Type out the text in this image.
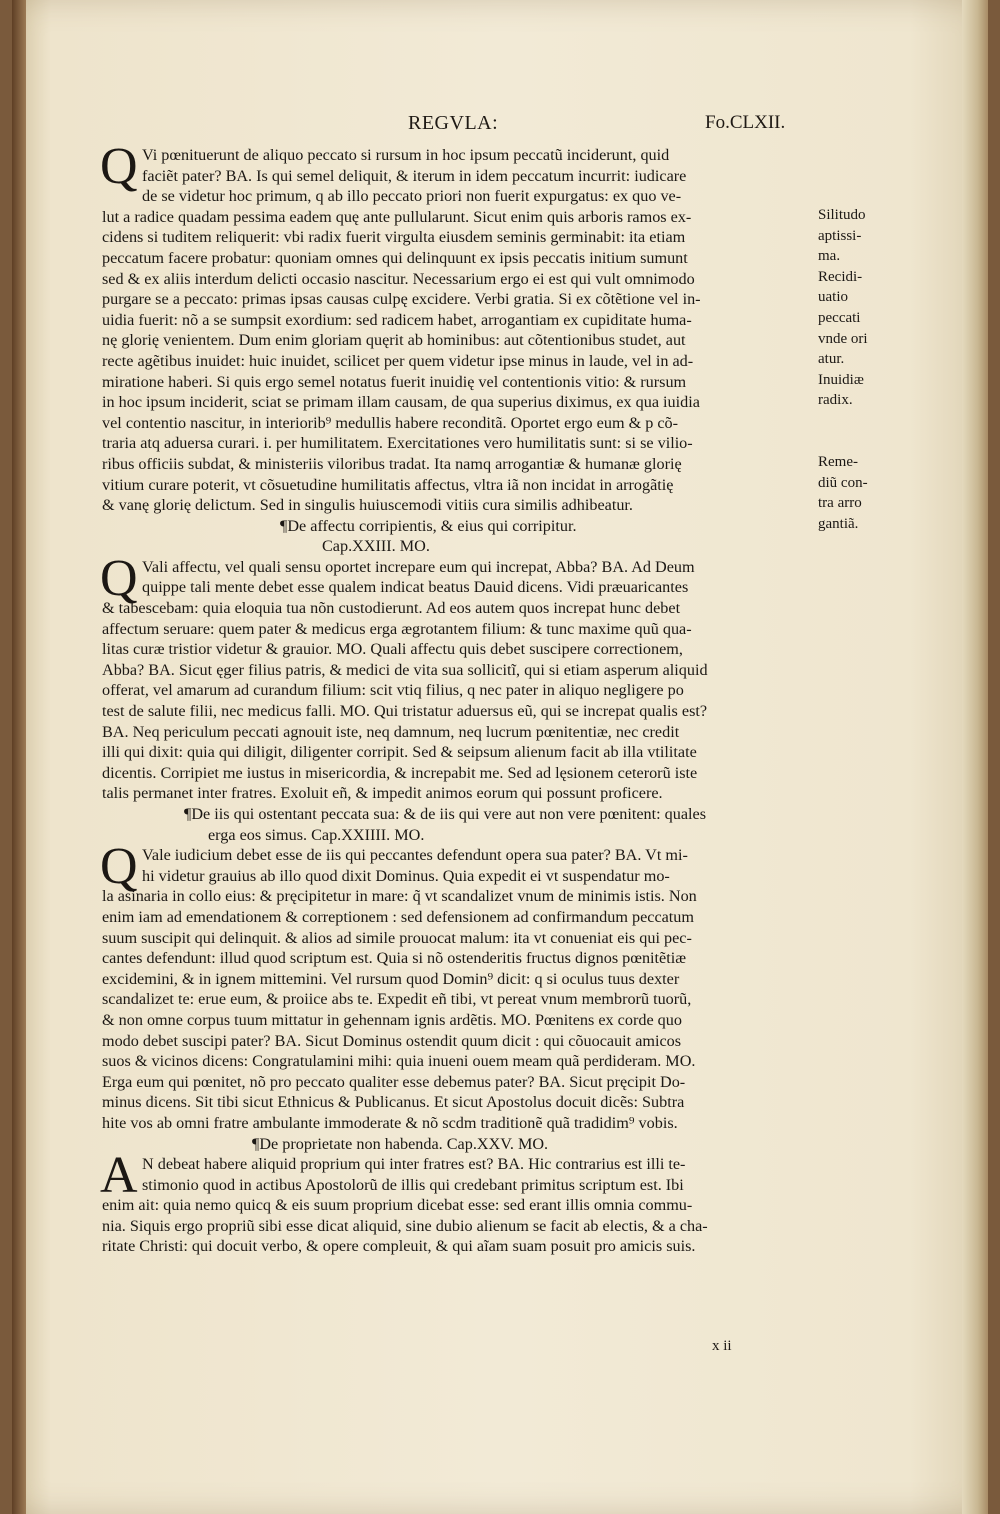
REGVLA:	Fo.CLXII.
Q Vi pœnituerunt de aliquo peccato si rursum in hoc ipsum peccatũ inciderunt, quid
faciẽt pater? BA. Is qui semel deliquit, & iterum in idem peccatum incurrit: iudicare
de se videtur hoc primum, q ab illo peccato priori non fuerit expurgatus: ex quo ve-
lut a radice quadam pessima eadem quę ante pullularunt. Sicut enim quis arboris ramos ex-
cidens si tuditem reliquerit: vbi radix fuerit virgulta eiusdem seminis germinabit: ita etiam
peccatum facere probatur: quoniam omnes qui delinquunt ex ipsis peccatis initium sumunt
sed & ex aliis interdum delicti occasio nascitur. Necessarium ergo ei est qui vult omnimodo
purgare se a peccato: primas ipsas causas culpę excidere. Verbi gratia. Si ex cõtẽtione vel in-
uidia fuerit: nõ a se sumpsit exordium: sed radicem habet, arrogantiam ex cupiditate huma-
nę glorię venientem. Dum enim gloriam quęrit ab hominibus: aut cõtentionibus studet, aut
recte agẽtibus inuidet: huic inuidet, scilicet per quem videtur ipse minus in laude, vel in ad-
miratione haberi. Si quis ergo semel notatus fuerit inuidię vel contentionis vitio: & rursum
in hoc ipsum inciderit, sciat se primam illam causam, de qua superius diximus, ex qua iuidia
vel contentio nascitur, in interiorib⁹ medullis habere reconditã. Oportet ergo eum & p cõ-
traria atq aduersa curari. i. per humilitatem. Exercitationes vero humilitatis sunt: si se vilio-
ribus officiis subdat, & ministeriis viloribus tradat. Ita namq arrogantiæ & humanæ glorię
vitium curare poterit, vt cõsuetudine humilitatis affectus, vltra iã non incidat in arrogãtię
& vanę glorię delictum. Sed in singulis huiuscemodi vitiis cura similis adhibeatur.
¶De affectu corripientis, & eius qui corripitur.
Cap.XXIII. MO.
Q Vali affectu, vel quali sensu oportet increpare eum qui increpat, Abba? BA. Ad Deum
quippe tali mente debet esse qualem indicat beatus Dauid dicens. Vidi præuaricantes
& tabescebam: quia eloquia tua nõn custodierunt. Ad eos autem quos increpat hunc debet
affectum seruare: quem pater & medicus erga ægrotantem filium: & tunc maxime quũ qua-
litas curæ tristior videtur & grauior. MO. Quali affectu quis debet suscipere correctionem,
Abba? BA. Sicut ęger filius patris, & medici de vita sua sollicitĩ, qui si etiam asperum aliquid
offerat, vel amarum ad curandum filium: scit vtiq filius, q nec pater in aliquo negligere po
test de salute filii, nec medicus falli. MO. Qui tristatur aduersus eũ, qui se increpat qualis est?
BA. Neq periculum peccati agnouit iste, neq damnum, neq lucrum pœnitentiæ, nec credit
illi qui dixit: quia qui diligit, diligenter corripit. Sed & seipsum alienum facit ab illa vtilitate
dicentis. Corripiet me iustus in misericordia, & increpabit me. Sed ad lęsionem ceterorũ iste
talis permanet inter fratres. Exoluit eñ, & impedit animos eorum qui possunt proficere.
¶De iis qui ostentant peccata sua: & de iis qui vere aut non vere pœnitent: quales
erga eos simus. Cap.XXIIII. MO.
Q Vale iudicium debet esse de iis qui peccantes defendunt opera sua pater? BA. Vt mi-
hi videtur grauius ab illo quod dixit Dominus. Quia expedit ei vt suspendatur mo-
la asinaria in collo eius: & pręcipitetur in mare: q̃ vt scandalizet vnum de minimis istis. Non
enim iam ad emendationem & correptionem : sed defensionem ad confirmandum peccatum
suum suscipit qui delinquit. & alios ad simile prouocat malum: ita vt conueniat eis qui pec-
cantes defendunt: illud quod scriptum est. Quia si nõ ostenderitis fructus dignos pœnitẽtiæ
excidemini, & in ignem mittemini. Vel rursum quod Domin⁹ dicit: q si oculus tuus dexter
scandalizet te: erue eum, & proiice abs te. Expedit eñ tibi, vt pereat vnum membrorũ tuorũ,
& non omne corpus tuum mittatur in gehennam ignis ardẽtis. MO. Pœnitens ex corde quo
modo debet suscipi pater? BA. Sicut Dominus ostendit quum dicit : qui cõuocauit amicos
suos & vicinos dicens: Congratulamini mihi: quia inueni ouem meam quã perdideram. MO.
Erga eum qui pœnitet, nõ pro peccato qualiter esse debemus pater? BA. Sicut pręcipit Do-
minus dicens. Sit tibi sicut Ethnicus & Publicanus. Et sicut Apostolus docuit dicẽs: Subtra
hite vos ab omni fratre ambulante immoderate & nõ scdm traditionẽ quã tradidim⁹ vobis.
¶De proprietate non habenda. Cap.XXV. MO.
A N debeat habere aliquid proprium qui inter fratres est? BA. Hic contrarius est illi te-
stimonio quod in actibus Apostolorũ de illis qui credebant primitus scriptum est. Ibi
enim ait: quia nemo quicq & eis suum proprium dicebat esse: sed erant illis omnia commu-
nia. Siquis ergo propriũ sibi esse dicat aliquid, sine dubio alienum se facit ab electis, & a cha-
ritate Christi: qui docuit verbo, & opere compleuit, & qui aĩam suam posuit pro amicis suis.
Silitudo
aptissi-
ma.
Recidi-
uatio
peccati
vnde ori
atur.
Inuidiæ
radix.
Reme-
diũ con-
tra arro
gantiã.
x ii
